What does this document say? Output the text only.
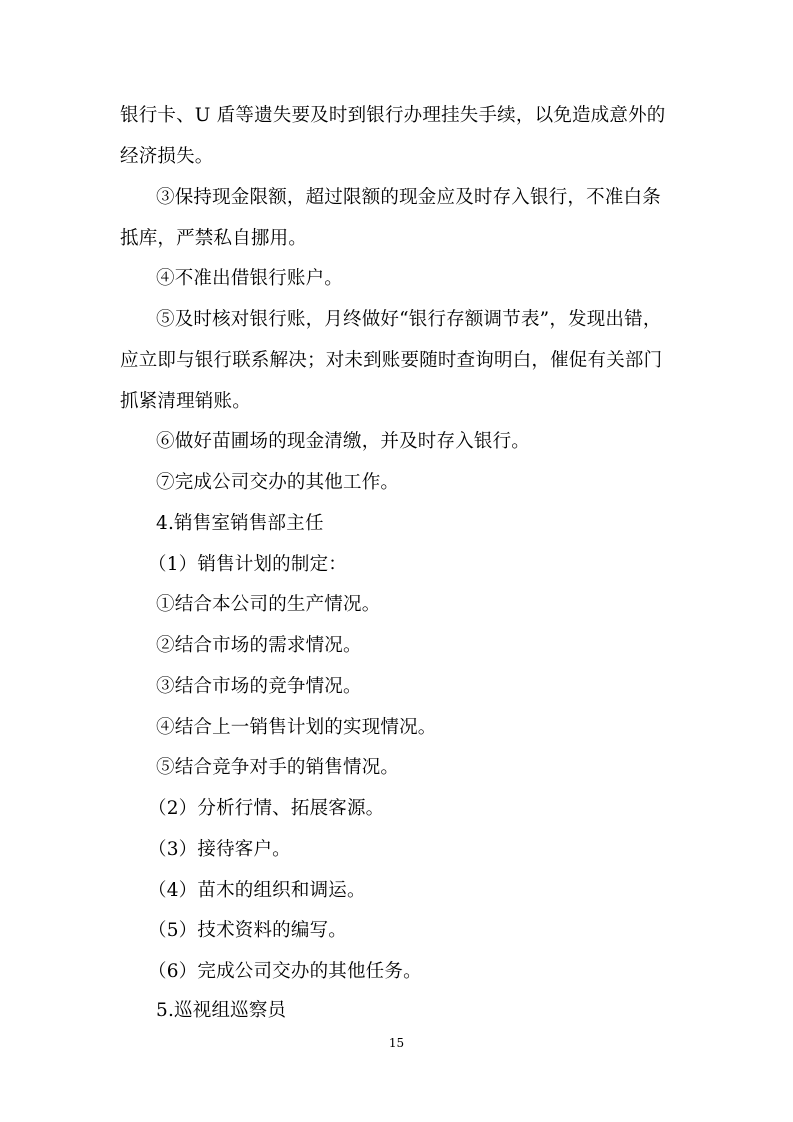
银行卡、U 盾等遗失要及时到银行办理挂失手续，以免造成意外的
经济损失。
③保持现金限额，超过限额的现金应及时存入银行，不准白条
抵库，严禁私自挪用。
④不准出借银行账户。
⑤及时核对银行账，月终做好“银行存额调节表”，发现出错，
应立即与银行联系解决；对未到账要随时查询明白，催促有关部门
抓紧清理销账。
⑥做好苗圃场的现金清缴，并及时存入银行。
⑦完成公司交办的其他工作。
4.销售室销售部主任
（1）销售计划的制定：
①结合本公司的生产情况。
②结合市场的需求情况。
③结合市场的竞争情况。
④结合上一销售计划的实现情况。
⑤结合竞争对手的销售情况。
（2）分析行情、拓展客源。
（3）接待客户。
（4）苗木的组织和调运。
（5）技术资料的编写。
（6）完成公司交办的其他任务。
5.巡视组巡察员
15
